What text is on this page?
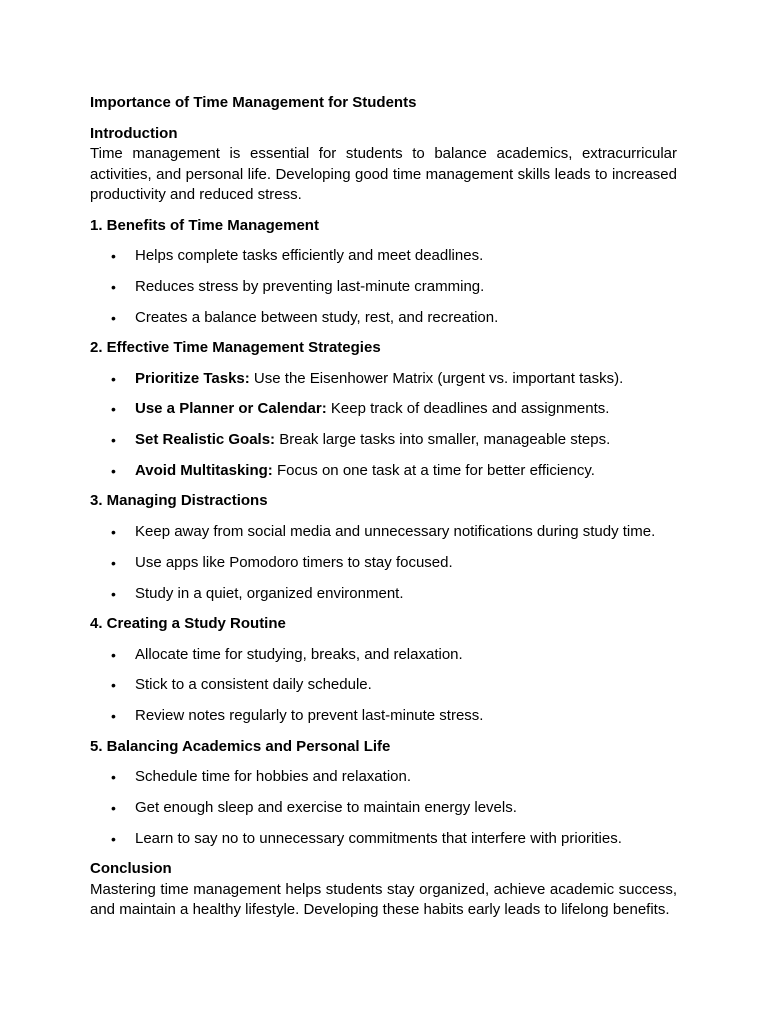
Importance of Time Management for Students
Introduction

Time management is essential for students to balance academics, extracurricular activities, and personal life. Developing good time management skills leads to increased productivity and reduced stress.

1. Benefits of Time Management
• Helps complete tasks efficiently and meet deadlines.
• Reduces stress by preventing last-minute cramming.
• Creates a balance between study, rest, and recreation.
2. Effective Time Management Strategies
• Prioritize Tasks: Use the Eisenhower Matrix (urgent vs. important tasks).
• Use a Planner or Calendar: Keep track of deadlines and assignments.
• Set Realistic Goals: Break large tasks into smaller, manageable steps.
• Avoid Multitasking: Focus on one task at a time for better efficiency.
3. Managing Distractions
• Keep away from social media and unnecessary notifications during study time.
• Use apps like Pomodoro timers to stay focused.
• Study in a quiet, organized environment.
4. Creating a Study Routine
• Allocate time for studying, breaks, and relaxation.
• Stick to a consistent daily schedule.
• Review notes regularly to prevent last-minute stress.
5. Balancing Academics and Personal Life
• Schedule time for hobbies and relaxation.
• Get enough sleep and exercise to maintain energy levels.
• Learn to say no to unnecessary commitments that interfere with priorities.
Conclusion

Mastering time management helps students stay organized, achieve academic success, and maintain a healthy lifestyle. Developing these habits early leads to lifelong benefits.
